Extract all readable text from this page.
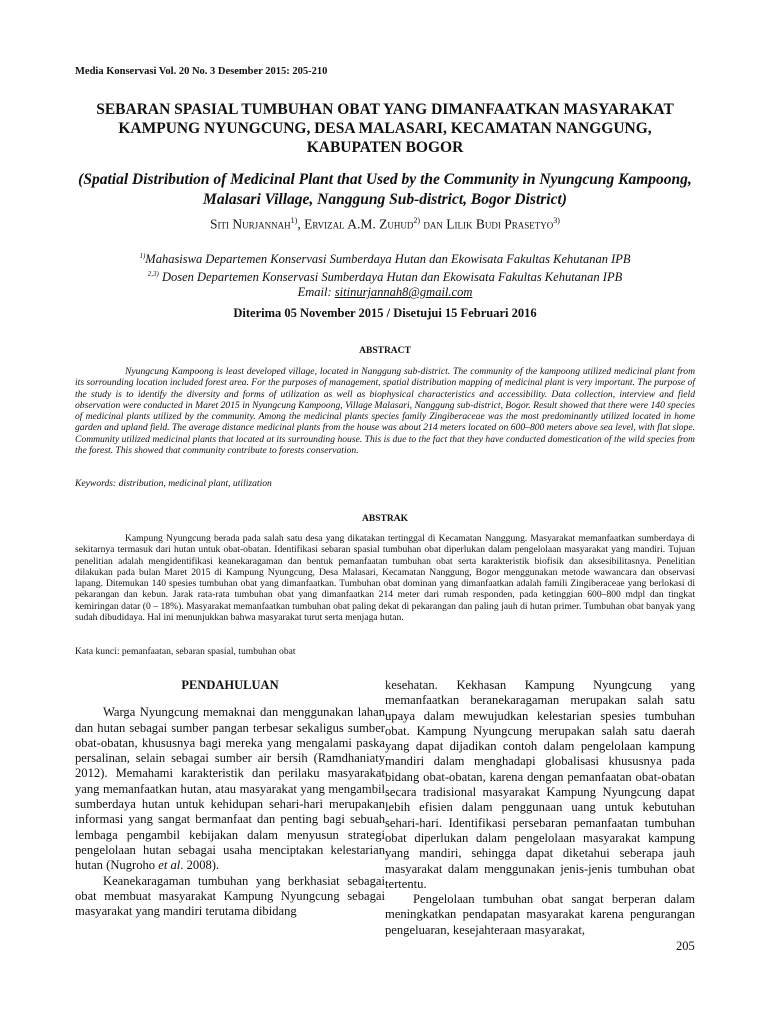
Media Konservasi Vol. 20 No. 3 Desember 2015: 205-210
SEBARAN SPASIAL TUMBUHAN OBAT YANG DIMANFAATKAN MASYARAKAT
KAMPUNG NYUNGCUNG, DESA MALASARI, KECAMATAN NANGGUNG,
KABUPATEN BOGOR
(Spatial Distribution of Medicinal Plant that Used by the Community in Nyungcung Kampoong,
Malasari Village, Nanggung Sub-district, Bogor District)
Siti Nurjannah$^{1)}$, Ervizal A.M. Zuhud$^{2)}$ dan Lilik Budi Prasetyo$^{3)}$
$^{1)}$Mahasiswa Departemen Konservasi Sumberdaya Hutan dan Ekowisata Fakultas Kehutanan IPB
$^{2,3)}$ Dosen Departemen Konservasi Sumberdaya Hutan dan Ekowisata Fakultas Kehutanan IPB
Email: sitinurjannah8@gmail.com
Diterima 05 November 2015 / Disetujui 15 Februari 2016
ABSTRACT
Nyungcung Kampoong is least developed village, located in Nanggung sub-district. The community of the kampoong utilized medicinal plant from its sorrounding location included forest area. For the purposes of management, spatial distribution mapping of medicinal plant is very important. The purpose of the study is to identify the diversity and forms of utilization as well as biophysical characteristics and accessibility. Data collection, interview and field observation were conducted in Maret 2015 in Nyungcung Kampoong, Village Malasari, Nanggung sub-district, Bogor. Result showed that there were 140 species of medicinal plants utilized by the community. Among the medicinal plants species family Zingiberaceae was the most predominantly utilized located in home garden and upland field. The average distance medicinal plants from the house was about 214 meters located on 600–800 meters above sea level, with flat slope. Community utilized medicinal plants that located at its surrounding house. This is due to the fact that they have conducted domestication of the wild species from the forest. This showed that community contribute to forests conservation.
Keywords: distribution, medicinal plant, utilization
ABSTRAK
Kampung Nyungcung berada pada salah satu desa yang dikatakan tertinggal di Kecamatan Nanggung. Masyarakat memanfaatkan sumberdaya di sekitarnya termasuk dari hutan untuk obat-obatan. Identifikasi sebaran spasial tumbuhan obat diperlukan dalam pengelolaan masyarakat yang mandiri. Tujuan penelitian adalah mengidentifikasi keanekaragaman dan bentuk pemanfaatan tumbuhan obat serta karakteristik biofisik dan aksesibilitasnya. Penelitian dilakukan pada bulan Maret 2015 di Kampung Nyungcung, Desa Malasari, Kecamatan Nanggung, Bogor menggunakan metode wawancara dan observasi lapang. Ditemukan 140 spesies tumbuhan obat yang dimanfaatkan. Tumbuhan obat dominan yang dimanfaatkan adalah famili Zingiberaceae yang berlokasi di pekarangan dan kebun. Jarak rata-rata tumbuhan obat yang dimanfaatkan 214 meter dari rumah responden, pada ketinggian 600–800 mdpl dan tingkat kemiringan datar (0 – 18%). Masyarakat memanfaatkan tumbuhan obat paling dekat di pekarangan dan paling jauh di hutan primer. Tumbuhan obat banyak yang sudah dibudidaya. Hal ini menunjukkan bahwa masyarakat turut serta menjaga hutan.
Kata kunci: pemanfaatan, sebaran spasial, tumbuhan obat
PENDAHULUAN

Warga Nyungcung memaknai dan menggunakan lahan dan hutan sebagai sumber pangan terbesar sekaligus sumber obat-obatan, khususnya bagi mereka yang mengalami paska persalinan, selain sebagai sumber air bersih (Ramdhaniaty 2012). Memahami karakteristik dan perilaku masyarakat yang memanfaatkan hutan, atau masyarakat yang mengambil sumberdaya hutan untuk kehidupan sehari-hari merupakan informasi yang sangat bermanfaat dan penting bagi sebuah lembaga pengambil kebijakan dalam menyusun strategi pengelolaan hutan sebagai usaha menciptakan kelestarian hutan (Nugroho et al. 2008).

Keanekaragaman tumbuhan yang berkhasiat sebagai obat membuat masyarakat Kampung Nyungcung sebagai masyarakat yang mandiri terutama dibidang

kesehatan. Kekhasan Kampung Nyungcung yang memanfaatkan beranekaragaman merupakan salah satu upaya dalam mewujudkan kelestarian spesies tumbuhan obat. Kampung Nyungcung merupakan salah satu daerah yang dapat dijadikan contoh dalam pengelolaan kampung mandiri dalam menghadapi globalisasi khususnya pada bidang obat-obatan, karena dengan pemanfaatan obat-obatan secara tradisional masyarakat Kampung Nyungcung dapat lebih efisien dalam penggunaan uang untuk kebutuhan sehari-hari. Identifikasi persebaran pemanfaatan tumbuhan obat diperlukan dalam pengelolaan masyarakat kampung yang mandiri, sehingga dapat diketahui seberapa jauh masyarakat dalam menggunakan jenis-jenis tumbuhan obat tertentu.

Pengelolaan tumbuhan obat sangat berperan dalam meningkatkan pendapatan masyarakat karena pengurangan pengeluaran, kesejahteraan masyarakat,

205
